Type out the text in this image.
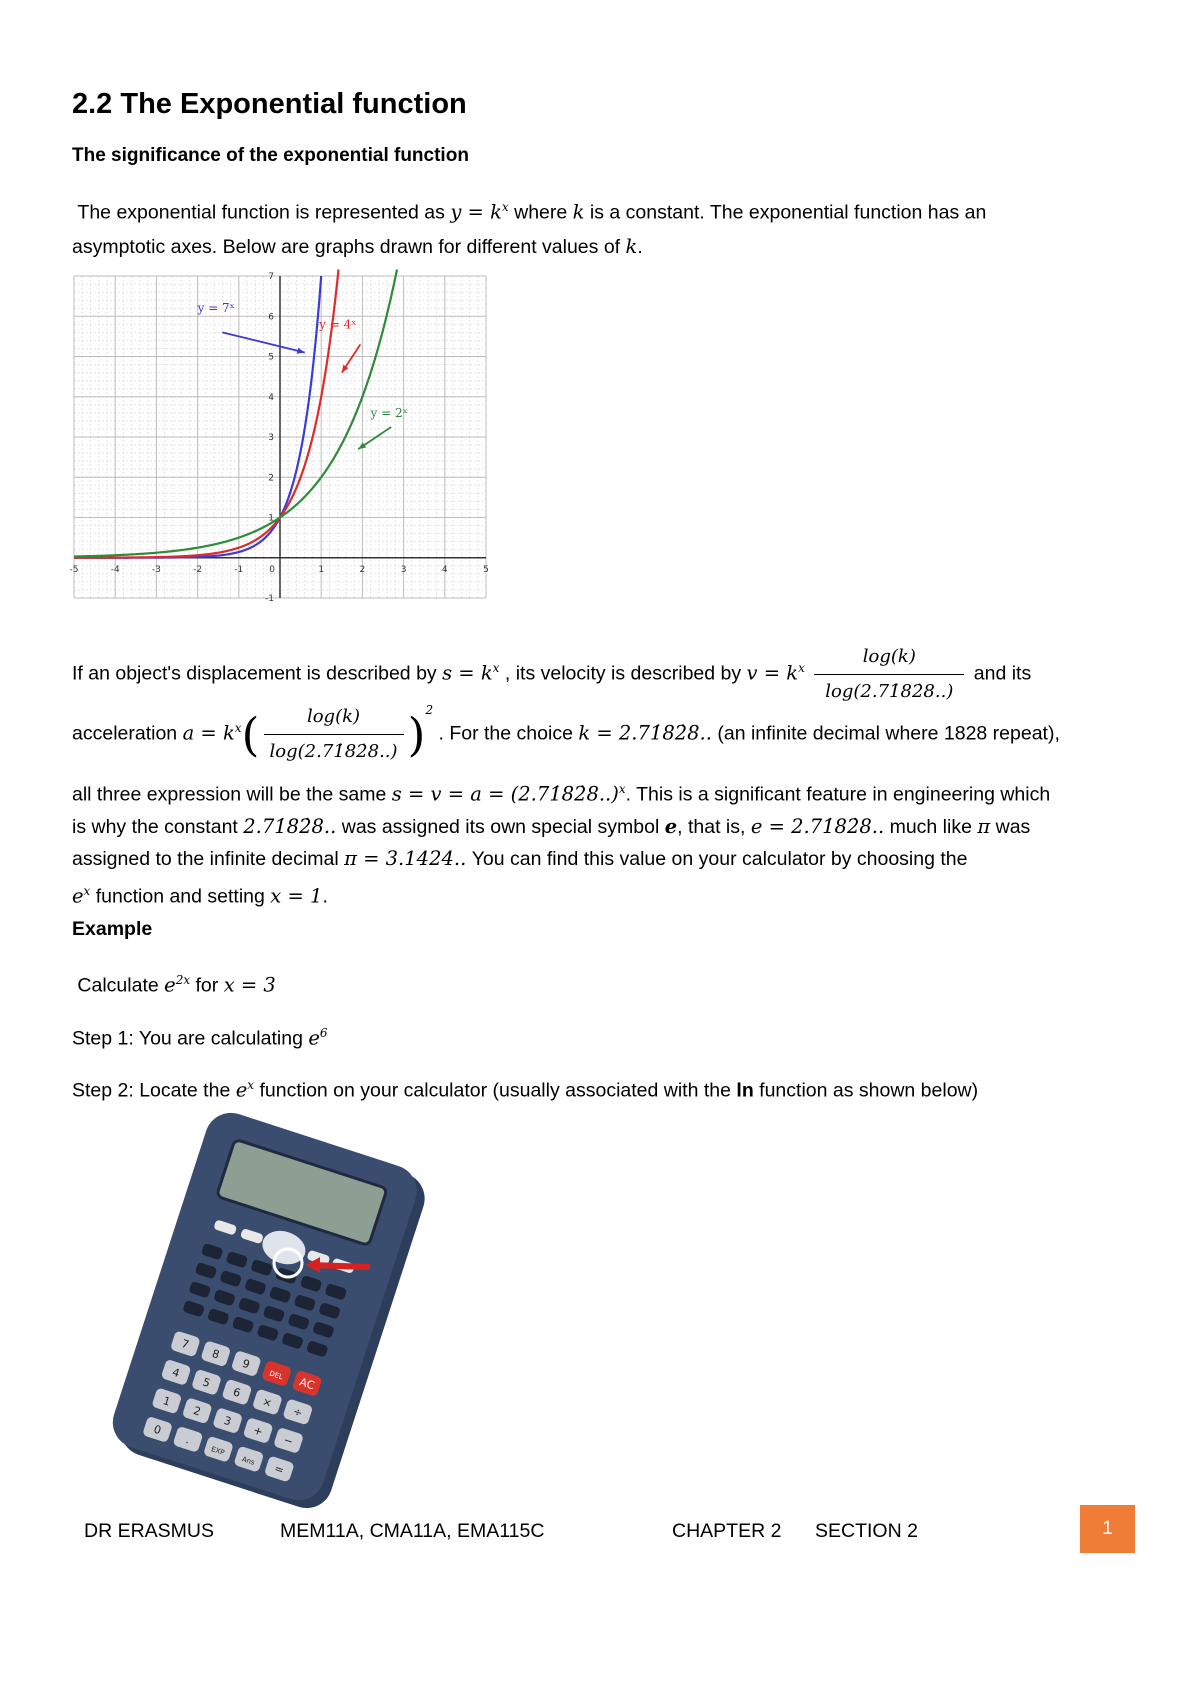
2.2 The Exponential function
The significance of the exponential function
The exponential function is represented as $y = k^x$ where k is a constant. The exponential function has an
asymptotic axes. Below are graphs drawn for different values of k.
-5	-4	-3	-2	-1	1	2	3	4	5
0
-1
1
2
3
4
5
6
7
y = 7ˣ
y = 4ˣ
y = 2ˣ
If an object's displacement is described by $s = k^x$ , its velocity is described by $v = k^x \frac{\log(k)}{\log(2.71̇82̇8..)}$ and its
acceleration $a = k^x( \frac{\log(k)}{\log(2.71̇82̇8..)} )^2$ . For the choice k = 2.71̇82̇8.. (an infinite decimal where 1828 repeat),
all three expression will be the same s = v = a = (2.71̇82̇8..)$^x$. This is a significant feature in engineering which
is why the constant 2.71̇82̇8.. was assigned its own special symbol e, that is, e = 2.71̇82̇8.. much like π was
assigned to the infinite decimal π = 3.1424.. You can find this value on your calculator by choosing the
$e^x$ function and setting x = 1.
Example
Calculate $e^{2x}$ for x = 3
Step 1: You are calculating $e^6$
Step 2: Locate the $e^x$ function on your calculator (usually associated with the ln function as shown below)
7
8
9
DEL AC
4
5
6
×
÷
1
2
3
+
−
0
.
EXP
Ans
=
DR ERASMUS	MEM11A, CMA11A, EMA115C	CHAPTER 2 SECTION 2	1
